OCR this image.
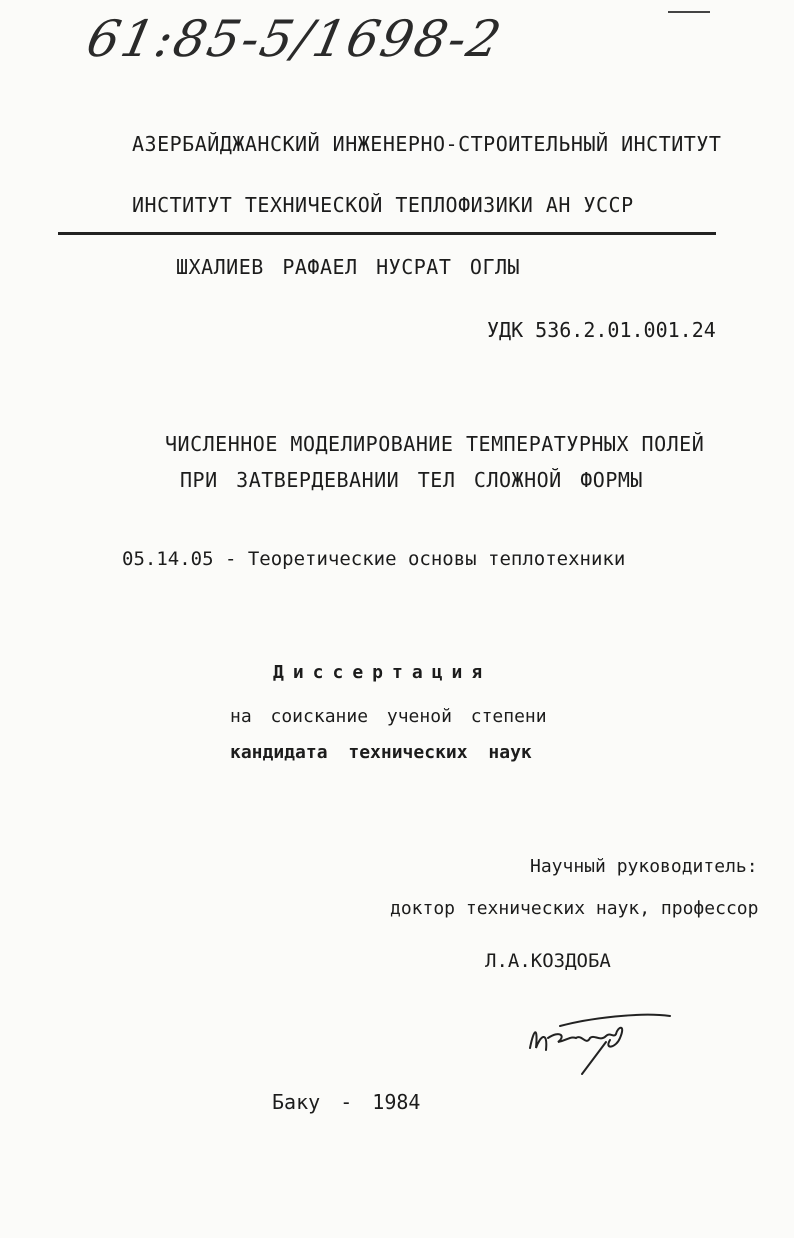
61:85-5/1698-2
АЗЕРБАЙДЖАНСКИЙ ИНЖЕНЕРНО-СТРОИТЕЛЬНЫЙ ИНСТИТУТ
ИНСТИТУТ ТЕХНИЧЕСКОЙ ТЕПЛОФИЗИКИ АН УССР
ШХАЛИЕВ РАФАЕЛ НУСРАТ ОГЛЫ
УДК 536.2.01.001.24
ЧИСЛЕННОЕ МОДЕЛИРОВАНИЕ ТЕМПЕРАТУРНЫХ ПОЛЕЙ
ПРИ ЗАТВЕРДЕВАНИИ ТЕЛ СЛОЖНОЙ ФОРМЫ
05.14.05 - Теоретические основы теплотехники
Диссертация
на соискание ученой степени
кандидата технических наук
Научный руководитель:
доктор технических наук, профессор
Л.А.КОЗДОБА
Баку - 1984
